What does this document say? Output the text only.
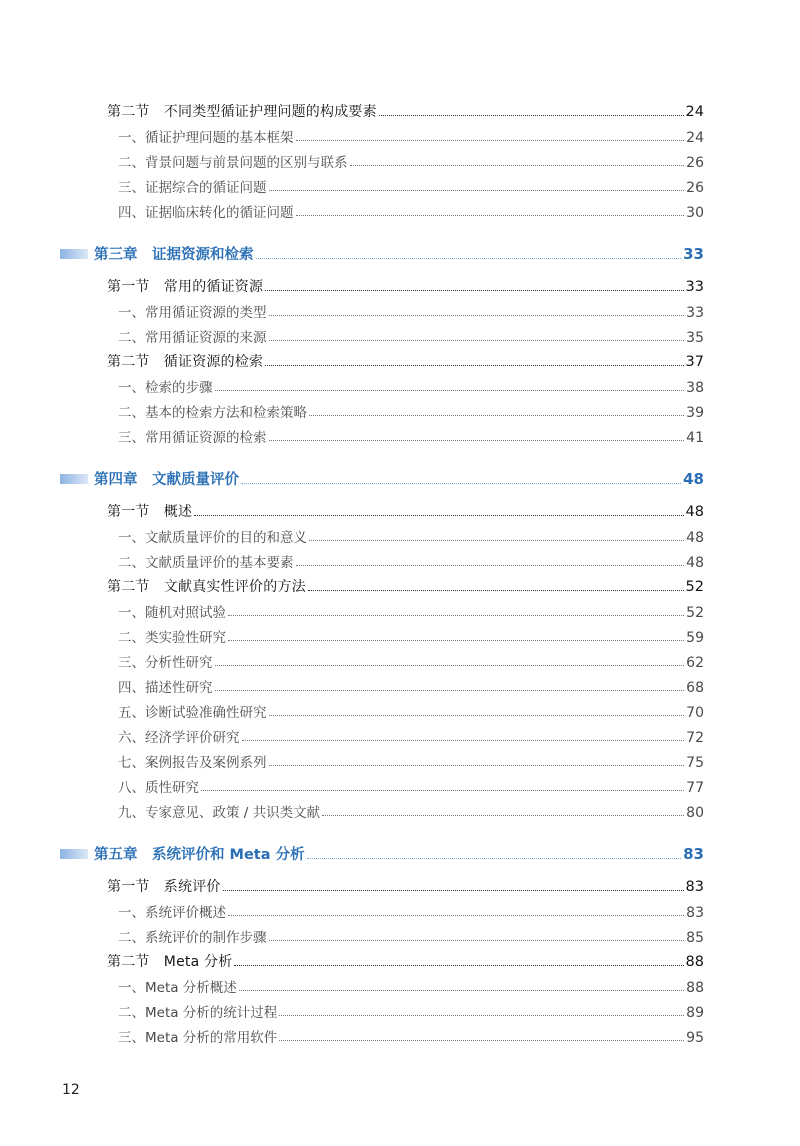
第二节　不同类型循证护理问题的构成要素	24
一、循证护理问题的基本框架	24
二、背景问题与前景问题的区别与联系	26
三、证据综合的循证问题	26
四、证据临床转化的循证问题	30
第三章　证据资源和检索	33
第一节　常用的循证资源	33
一、常用循证资源的类型	33
二、常用循证资源的来源	35
第二节　循证资源的检索	37
一、检索的步骤	38
二、基本的检索方法和检索策略	39
三、常用循证资源的检索	41
第四章　文献质量评价	48
第一节　概述	48
一、文献质量评价的目的和意义	48
二、文献质量评价的基本要素	48
第二节　文献真实性评价的方法	52
一、随机对照试验	52
二、类实验性研究	59
三、分析性研究	62
四、描述性研究	68
五、诊断试验准确性研究	70
六、经济学评价研究	72
七、案例报告及案例系列	75
八、质性研究	77
九、专家意见、政策 / 共识类文献	80
第五章　系统评价和 Meta 分析	83
第一节　系统评价	83
一、系统评价概述	83
二、系统评价的制作步骤	85
第二节　Meta 分析	88
一、Meta 分析概述	88
二、Meta 分析的统计过程	89
三、Meta 分析的常用软件	95
12
